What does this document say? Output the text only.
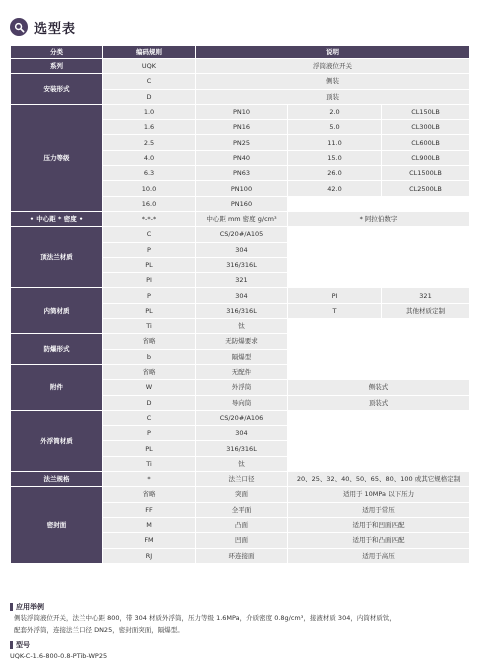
选型表
分类	编码规则	说明		
系列	UQK	浮筒液位开关		
安装形式	C	侧装		
	D	顶装		
压力等级	1.0	PN10	2.0	CL150LB
	1.6	PN16	5.0	CL300LB
	2.5	PN25	11.0	CL600LB
	4.0	PN40	15.0	CL900LB
	6.3	PN63	26.0	CL1500LB
	10.0	PN100	42.0	CL2500LB
	16.0	PN160		
• 中心距 * 密度 •	*-*-*	中心距 mm 密度 g/cm³	* 阿拉伯数字	
顶法兰材质	C	CS/20#/A105		
	P	304		
	PL	316/316L		
	PI	321		
内筒材质	P	304	PI	321
	PL	316/316L	T	其他材质定制
	Ti	钛		
防爆形式	省略	无防爆要求		
	b	隔爆型		
附件	省略	无配件		
	W	外浮筒	侧装式	
	D	导向筒	顶装式	
外浮筒材质	C	CS/20#/A106		
	P	304		
	PL	316/316L		
	Ti	钛		
法兰规格	*	法兰口径	20、25、32、40、50、65、80、100 或其它规格定制	
密封面	省略	突面	适用于 10MPa 以下压力	
	FF	全平面	适用于常压	
	M	凸面	适用于和凹面匹配	
	FM	凹面	适用于和凸面匹配	
	RJ	环连接面	适用于高压	
应用举例
侧装浮筒液位开关，法兰中心距 800，带 304 材质外浮筒，压力等级 1.6MPa，介质密度 0.8g/cm³，接液材质 304，内筒材质钛，
配套外浮筒，连接法兰口径 DN25，密封面突面，隔爆型。
型号
UQK-C-1.6-800-0.8-PTib-WP25
